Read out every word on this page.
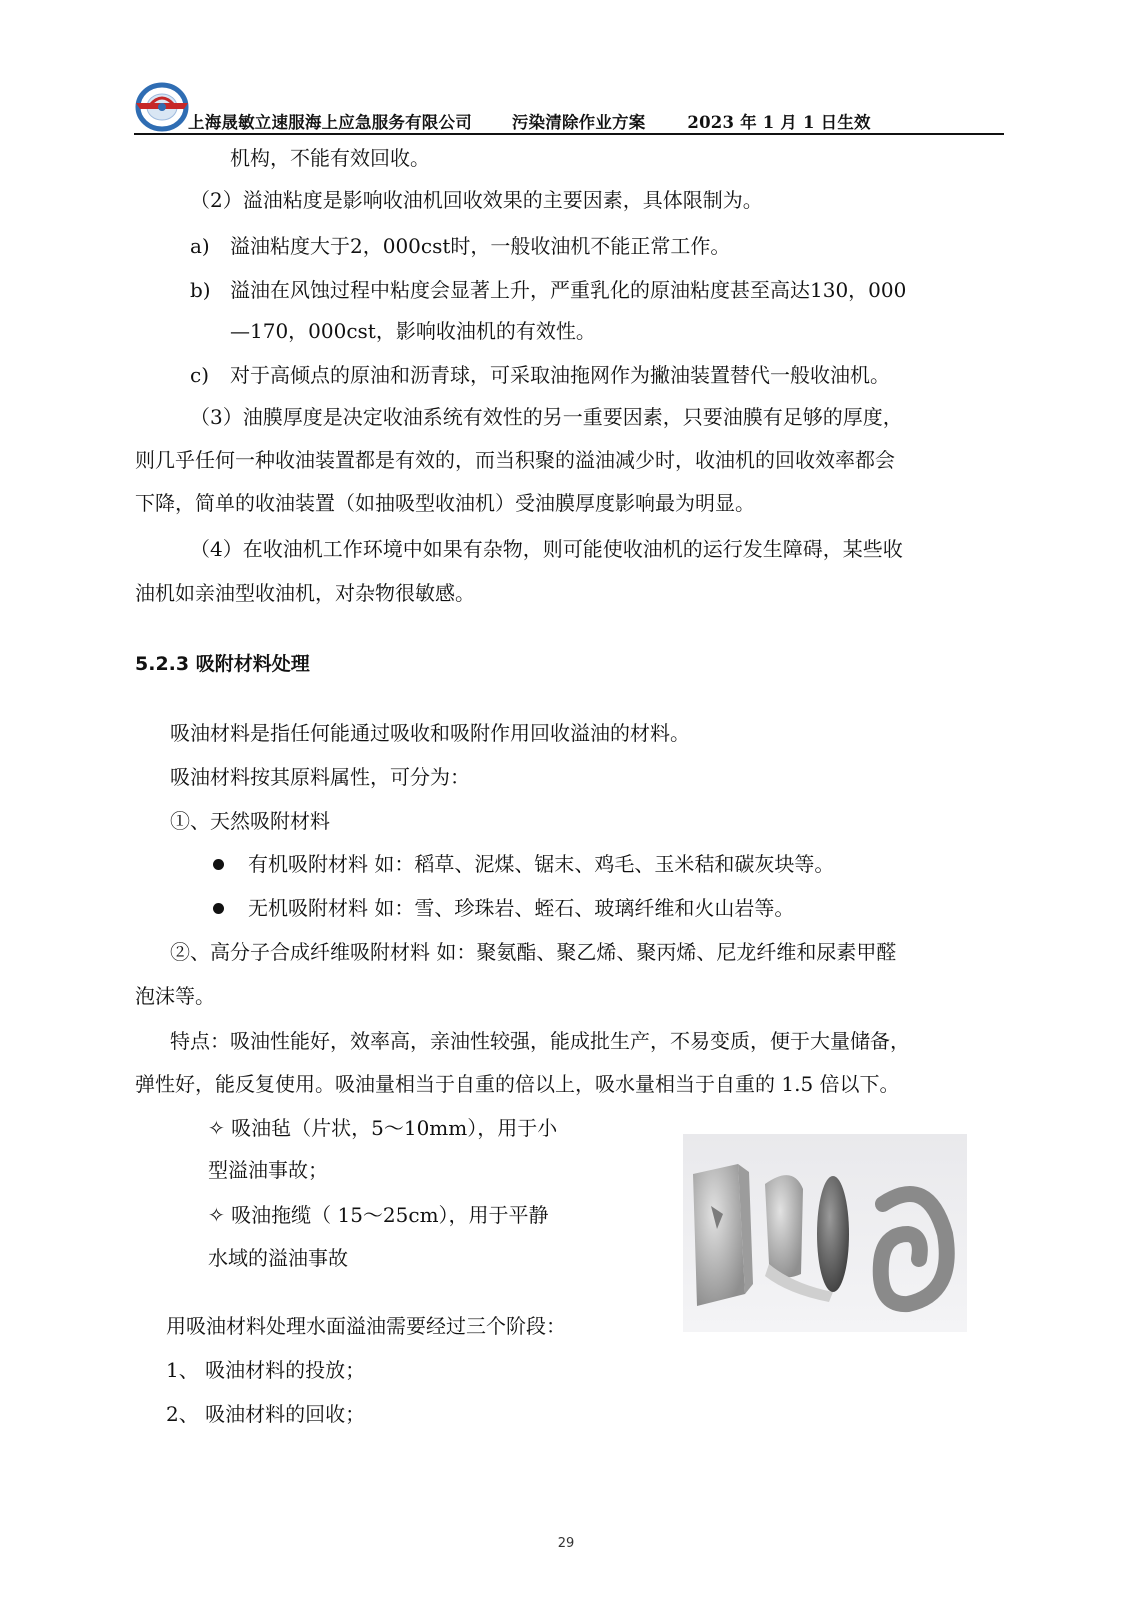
上海晟敏立速服海上应急服务有限公司 污染清除作业方案	2023 年 1 月 1 日生效
机构，不能有效回收。
（2）溢油粘度是影响收油机回收效果的主要因素，具体限制为。
a) 溢油粘度大于2，000cst时，一般收油机不能正常工作。
b) 溢油在风蚀过程中粘度会显著上升，严重乳化的原油粘度甚至高达130，000
—170，000cst，影响收油机的有效性。
c) 对于高倾点的原油和沥青球，可采取油拖网作为撇油装置替代一般收油机。
（3）油膜厚度是决定收油系统有效性的另一重要因素，只要油膜有足够的厚度，
则几乎任何一种收油装置都是有效的，而当积聚的溢油减少时，收油机的回收效率都会
下降，简单的收油装置（如抽吸型收油机）受油膜厚度影响最为明显。
（4）在收油机工作环境中如果有杂物，则可能使收油机的运行发生障碍，某些收
油机如亲油型收油机，对杂物很敏感。
5.2.3 吸附材料处理
吸油材料是指任何能通过吸收和吸附作用回收溢油的材料。
吸油材料按其原料属性，可分为：
①、天然吸附材料
有机吸附材料 如：稻草、泥煤、锯末、鸡毛、玉米秸和碳灰块等。
无机吸附材料 如：雪、珍珠岩、蛭石、玻璃纤维和火山岩等。
②、高分子合成纤维吸附材料 如：聚氨酯、聚乙烯、聚丙烯、尼龙纤维和尿素甲醛
泡沫等。
特点：吸油性能好，效率高，亲油性较强，能成批生产，不易变质，便于大量储备，
弹性好，能反复使用。吸油量相当于自重的倍以上，吸水量相当于自重的 1.5 倍以下。
✧ 吸油毡（片状，5～10mm），用于小
型溢油事故；
✧ 吸油拖缆（ 15～25cm），用于平静
水域的溢油事故
用吸油材料处理水面溢油需要经过三个阶段：
1、 吸油材料的投放；
2、 吸油材料的回收；
29
